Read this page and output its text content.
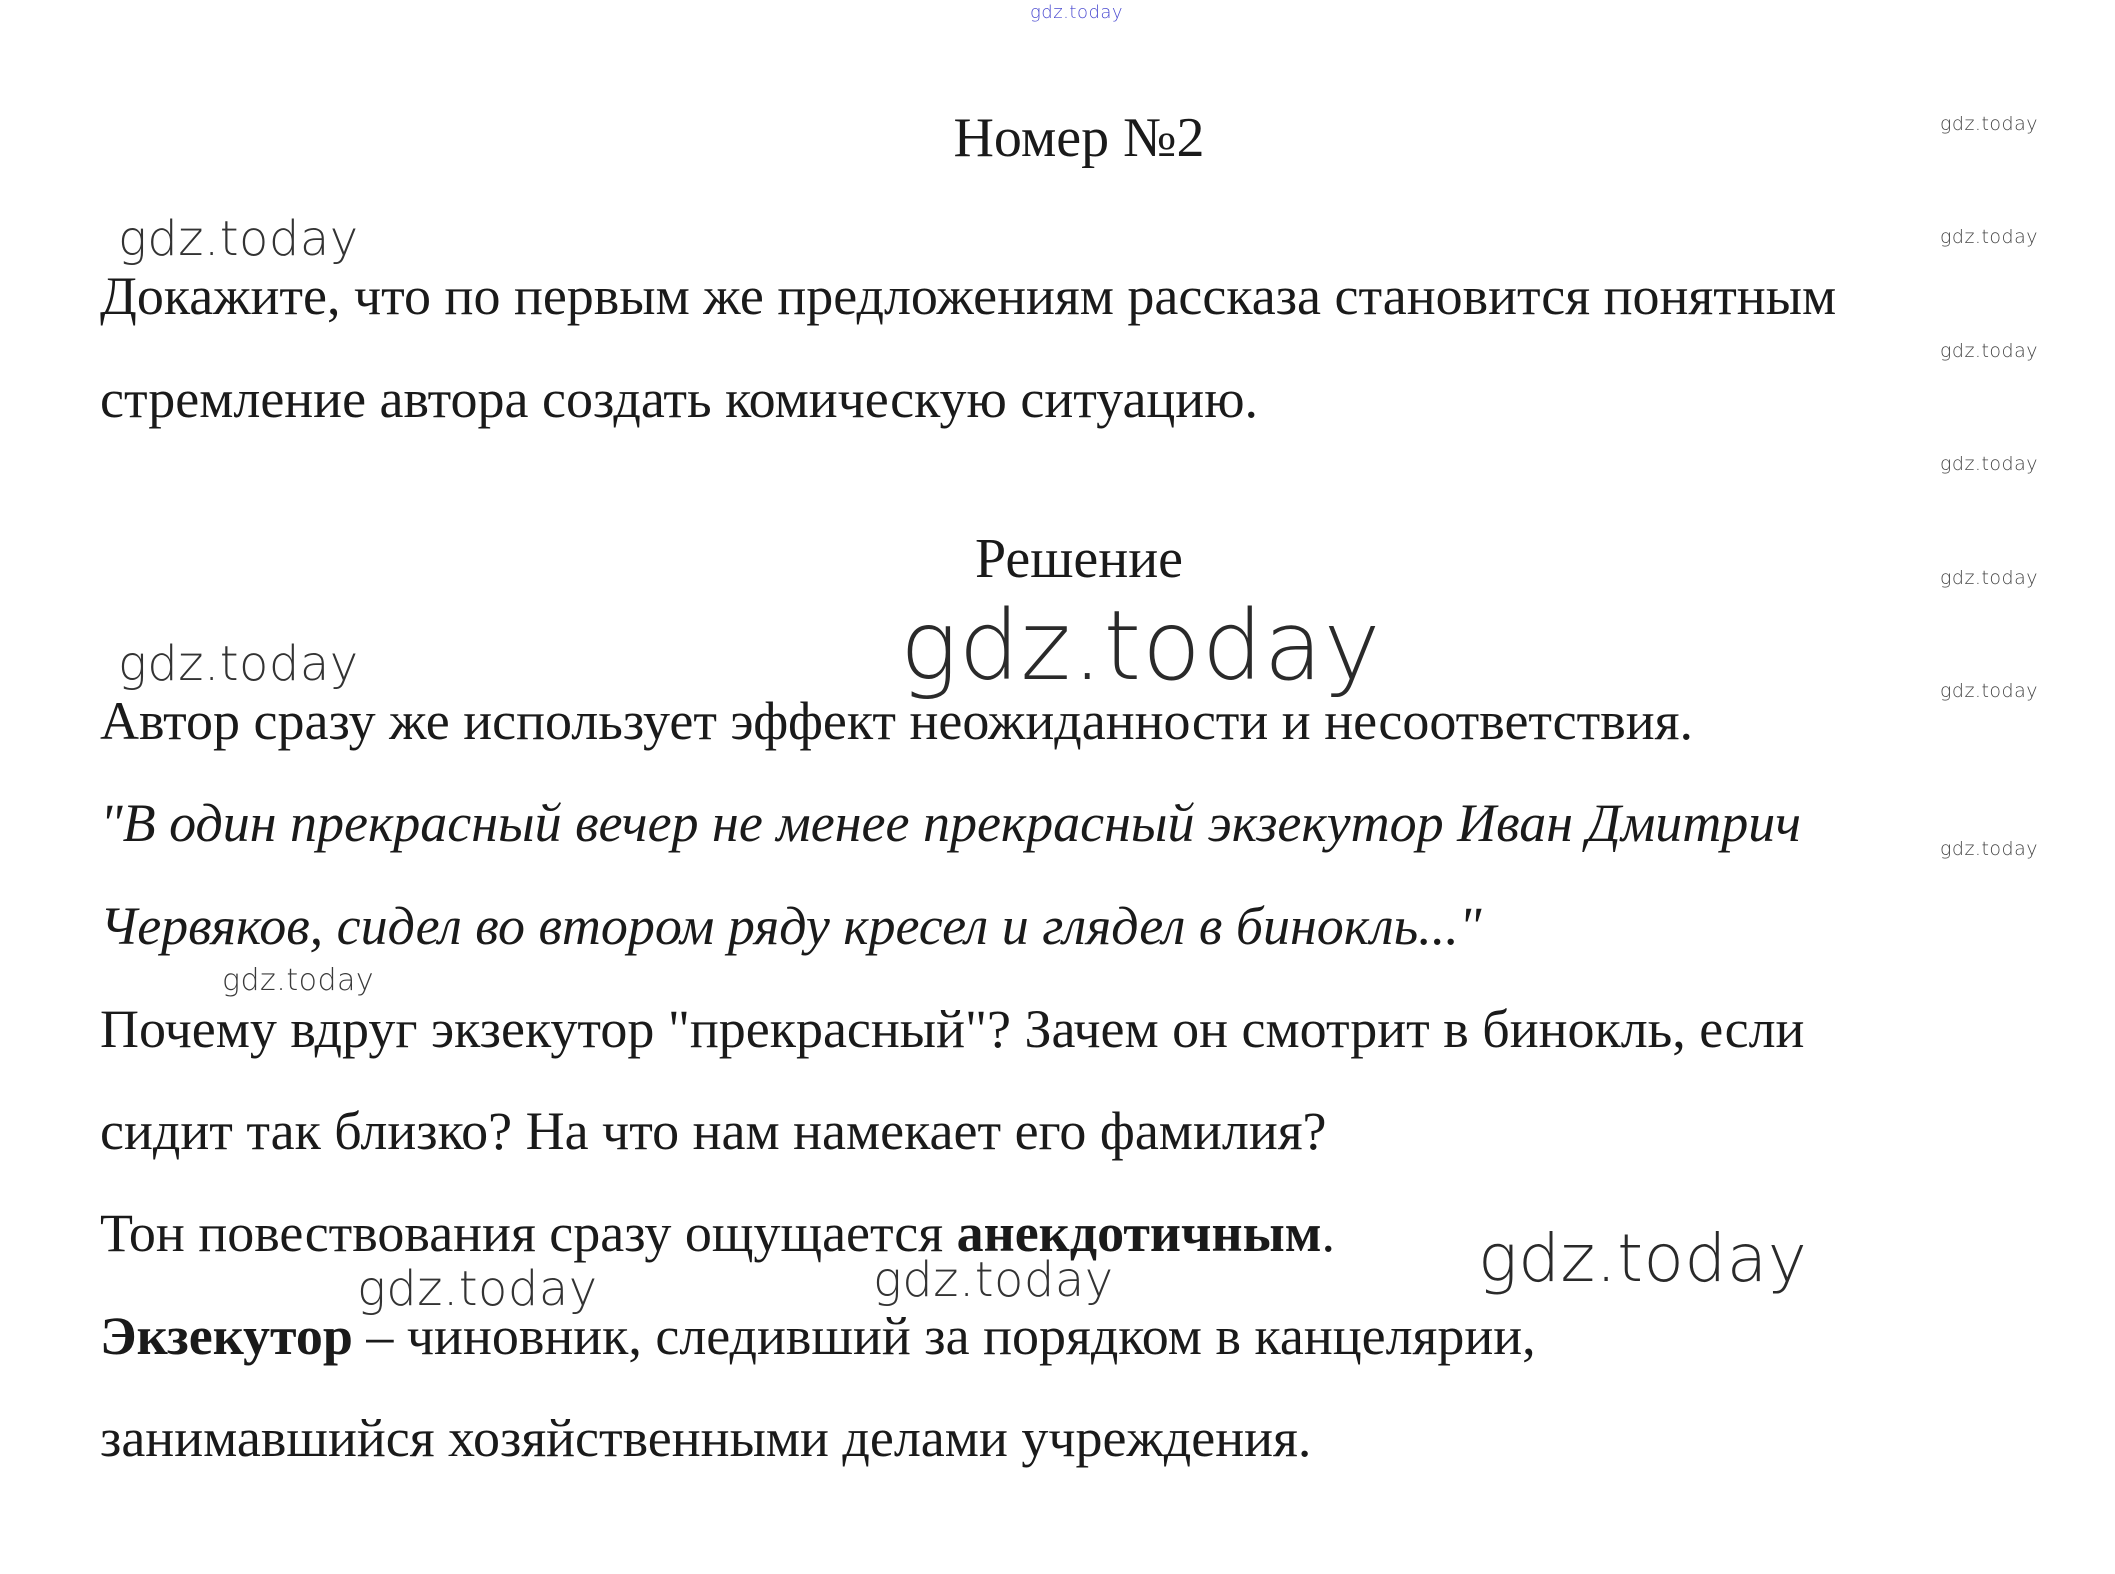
gdz.today
Номер №2	gdz.today
gdz.today
gdz.today
gdz.today
gdz.today
gdz.today
gdz.today
gdz.today

Докажите, что по первым же предложениям рассказа становится понятным

стремление автора создать комическую ситуацию.

Решение
gdz.today
gdz.today

Автор сразу же использует эффект неожиданности и несоответствия.

"В один прекрасный вечер не менее прекрасный экзекутор Иван Дмитрич

Червяков, сидел во втором ряду кресел и глядел в бинокль..."

gdz.today

Почему вдруг экзекутор "прекрасный"? Зачем он смотрит в бинокль, если

сидит так близко? На что нам намекает его фамилия?

Тон повествования сразу ощущается анекдотичным.

gdz.today	gdz.today	gdz.today

Экзекутор – чиновник, следивший за порядком в канцелярии,

занимавшийся хозяйственными делами учреждения.
